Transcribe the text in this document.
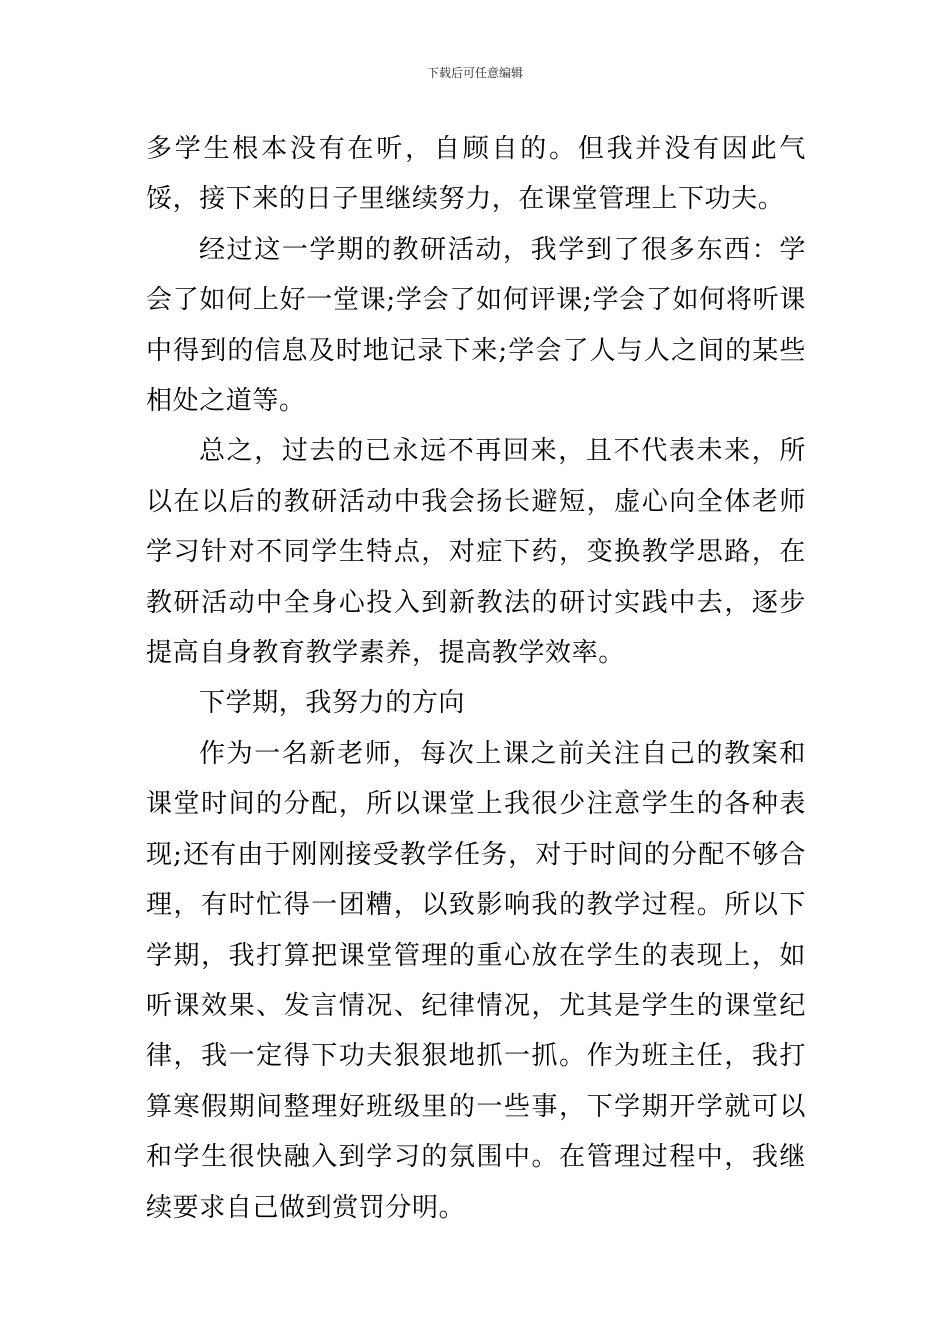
下载后可任意编辑

多学生根本没有在听，自顾自的。但我并没有因此气馁，接下来的日子里继续努力，在课堂管理上下功夫。

经过这一学期的教研活动，我学到了很多东西：学会了如何上好一堂课;学会了如何评课;学会了如何将听课中得到的信息及时地记录下来;学会了人与人之间的某些相处之道等。

总之，过去的已永远不再回来，且不代表未来，所以在以后的教研活动中我会扬长避短，虚心向全体老师学习针对不同学生特点，对症下药，变换教学思路，在教研活动中全身心投入到新教法的研讨实践中去，逐步提高自身教育教学素养，提高教学效率。

下学期，我努力的方向

作为一名新老师，每次上课之前关注自己的教案和课堂时间的分配，所以课堂上我很少注意学生的各种表现;还有由于刚刚接受教学任务，对于时间的分配不够合理，有时忙得一团糟，以致影响我的教学过程。所以下学期，我打算把课堂管理的重心放在学生的表现上，如听课效果、发言情况、纪律情况，尤其是学生的课堂纪律，我一定得下功夫狠狠地抓一抓。作为班主任，我打算寒假期间整理好班级里的一些事，下学期开学就可以和学生很快融入到学习的氛围中。在管理过程中，我继续要求自己做到赏罚分明。
